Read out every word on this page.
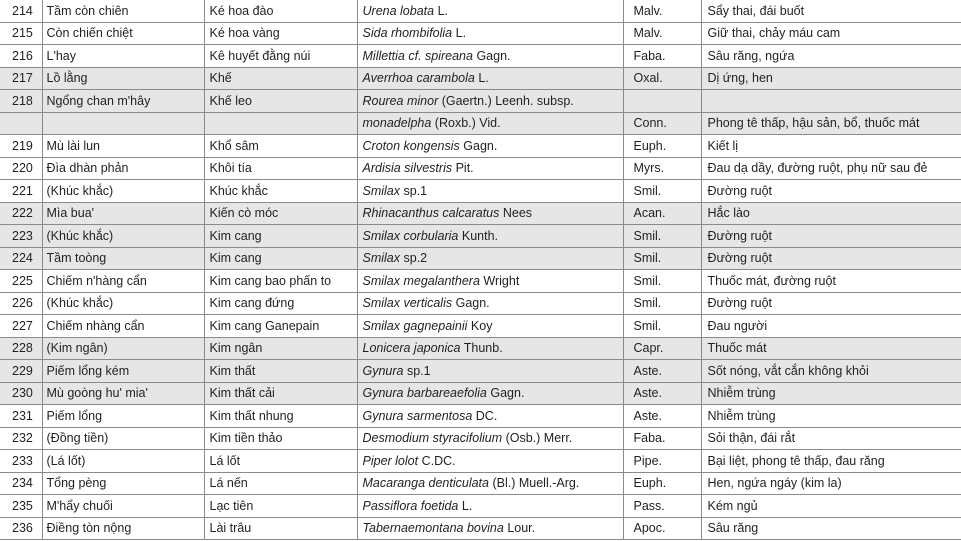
214	Tầm còn chiên	Ké hoa đào	Urena lobata L.	Malv.	Sẩy thai, đái buốt
215	Còn chiến chiệt	Ké hoa vàng	Sida rhombifolia L.	Malv.	Giữ thai, chảy máu cam
216	L'hay	Kê huyết đằng núi	Millettia cf. spireana Gagn.	Faba.	Sâu răng, ngứa
217	Lồ lằng	Khế	Averrhoa carambola L.	Oxal.	Dị ứng, hen
218	Ngổng chan m'hây	Khế leo	Rourea minor (Gaertn.) Leenh. subsp.		
			monadelpha (Roxb.) Vid.	Conn.	Phong tê thấp, hậu sản, bổ, thuốc mát
219	Mù lài lun	Khổ sâm	Croton kongensis Gagn.	Euph.	Kiết lị
220	Đìa dhàn phản	Khôi tía	Ardisia silvestris Pit.	Myrs.	Đau dạ dầy, đường ruột, phụ nữ sau đẻ
221	(Khúc khắc)	Khúc khắc	Smilax sp.1	Smil.	Đường ruột
222	Mìa bua'	Kiến cò móc	Rhinacanthus calcaratus Nees	Acan.	Hắc lào
223	(Khúc khắc)	Kim cang	Smilax corbularia Kunth.	Smil.	Đường ruột
224	Tầm toòng	Kim cang	Smilax sp.2	Smil.	Đường ruột
225	Chiếm n'hàng cẩn	Kim cang bao phấn to	Smilax megalanthera Wright	Smil.	Thuốc mát, đường ruột
226	(Khúc khắc)	Kim cang đứng	Smilax verticalis Gagn.	Smil.	Đường ruột
227	Chiếm nhàng cẩn	Kim cang Ganepain	Smilax gagnepainii Koy	Smil.	Đau người
228	(Kim ngân)	Kim ngân	Lonicera japonica Thunb.	Capr.	Thuốc mát
229	Piếm lổng kém	Kim thất	Gynura sp.1	Aste.	Sốt nóng, vắt cắn không khỏi
230	Mù goòng hu' mia'	Kim thất cải	Gynura barbareaefolia Gagn.	Aste.	Nhiễm trùng
231	Piếm lổng	Kim thất nhung	Gynura sarmentosa DC.	Aste.	Nhiễm trùng
232	(Đồng tiền)	Kim tiền thảo	Desmodium styracifolium (Osb.) Merr.	Faba.	Sỏi thận, đái rắt
233	(Lá lốt)	Lá lốt	Piper lolot C.DC.	Pipe.	Bại liệt, phong tê thấp, đau răng
234	Tổng pèng	Lá nến	Macaranga denticulata (Bl.) Muell.-Arg.	Euph.	Hen, ngứa ngáy (kim la)
235	M'hẩy chuối	Lạc tiên	Passiflora foetida L.	Pass.	Kém ngủ
236	Điềng tòn nộng	Lài trâu	Tabernaemontana bovina Lour.	Apoc.	Sâu răng
